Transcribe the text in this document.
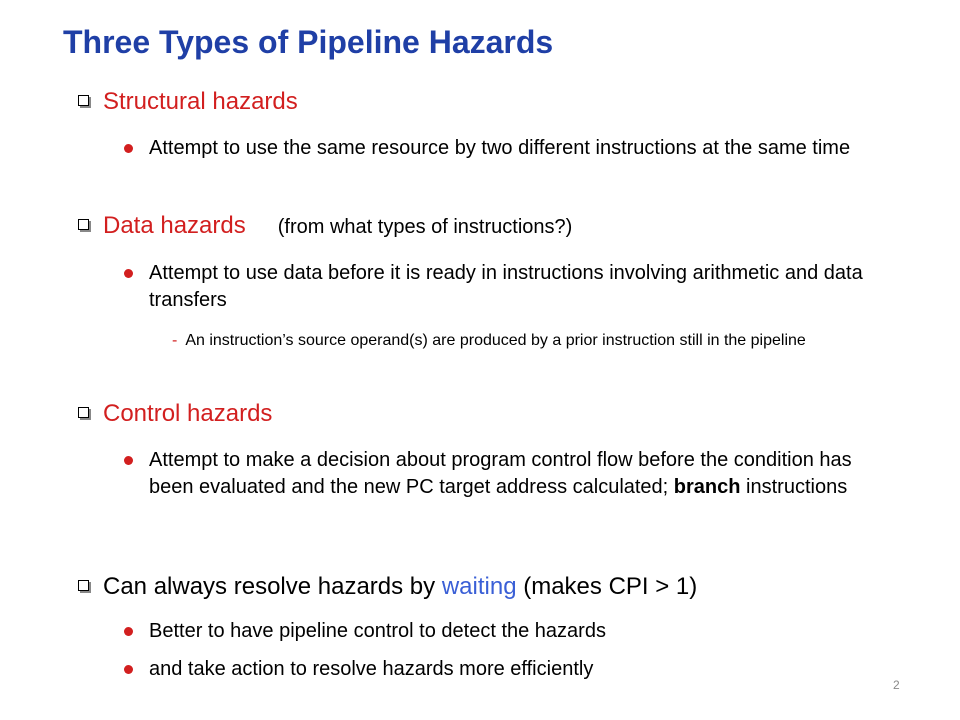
Three Types of Pipeline Hazards
Structural hazards
Attempt to use the same resource by two different instructions at the same time
Data hazards (from what types of instructions?)
Attempt to use data before it is ready in instructions involving arithmetic and data transfers
- An instruction’s source operand(s) are produced by a prior instruction still in the pipeline
Control hazards
Attempt to make a decision about program control flow before the condition has been evaluated and the new PC target address calculated; branch instructions
Can always resolve hazards by waiting (makes CPI > 1)
Better to have pipeline control to detect the hazards
and take action to resolve hazards more efficiently
2
